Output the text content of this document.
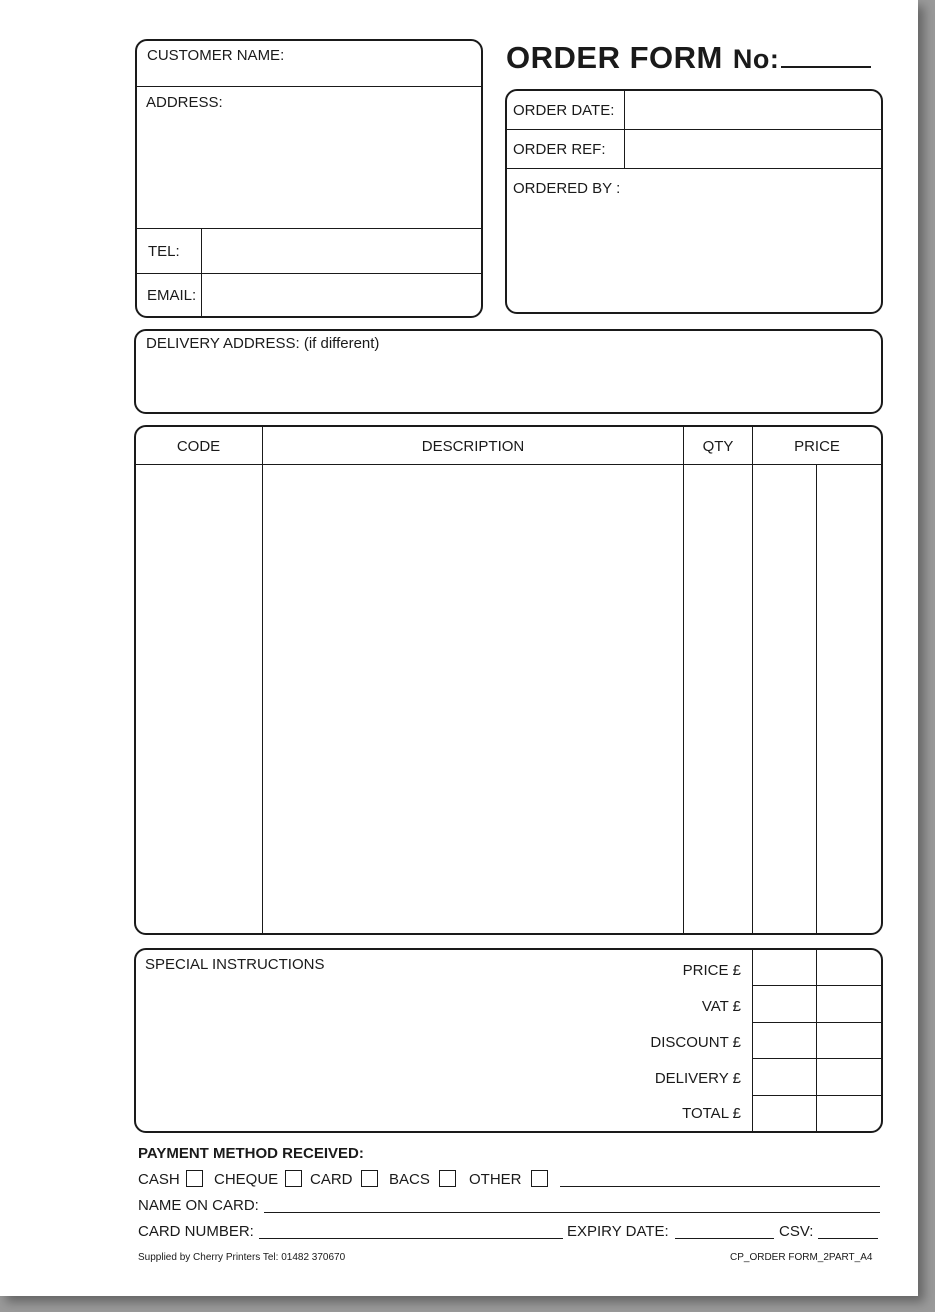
CUSTOMER NAME:
ADDRESS:
TEL:
EMAIL:
ORDER FORM No:
ORDER DATE:
ORDER REF:
ORDERED BY :
DELIVERY ADDRESS: (if different)
CODE	DESCRIPTION	QTY	PRICE
SPECIAL INSTRUCTIONS	PRICE £
VAT £
DISCOUNT £
DELIVERY £
TOTAL £
PAYMENT METHOD RECEIVED:
CASH CHEQUE CARD BACS	OTHER
NAME ON CARD:
CARD NUMBER:	EXPIRY DATE:	CSV:
Supplied by Cherry Printers Tel: 01482 370670	CP_ORDER FORM_2PART_A4
